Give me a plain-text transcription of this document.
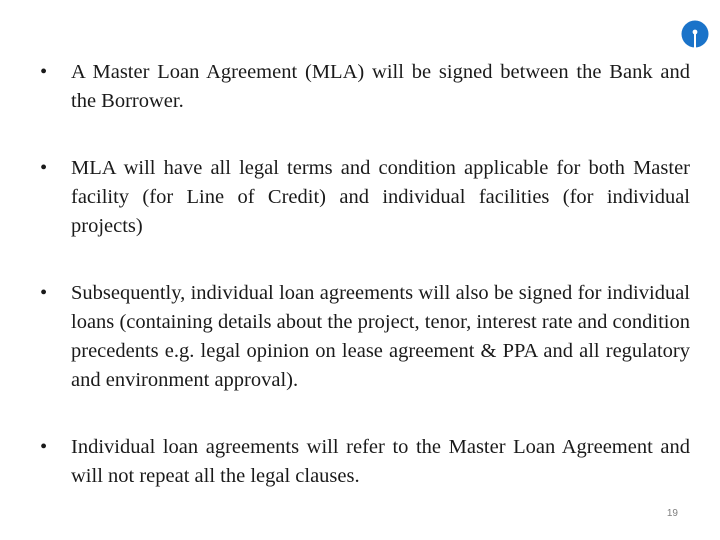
• A Master Loan Agreement (MLA) will be signed between the Bank and the Borrower.
• MLA will have all legal terms and condition applicable for both Master facility (for Line of Credit) and individual facilities (for individual projects)
• Subsequently, individual loan agreements will also be signed for individual loans (containing details about the project, tenor, interest rate and condition precedents e.g. legal opinion on lease agreement & PPA and all regulatory and environment approval).
• Individual loan agreements will refer to the Master Loan Agreement and will not repeat all the legal clauses.
19
